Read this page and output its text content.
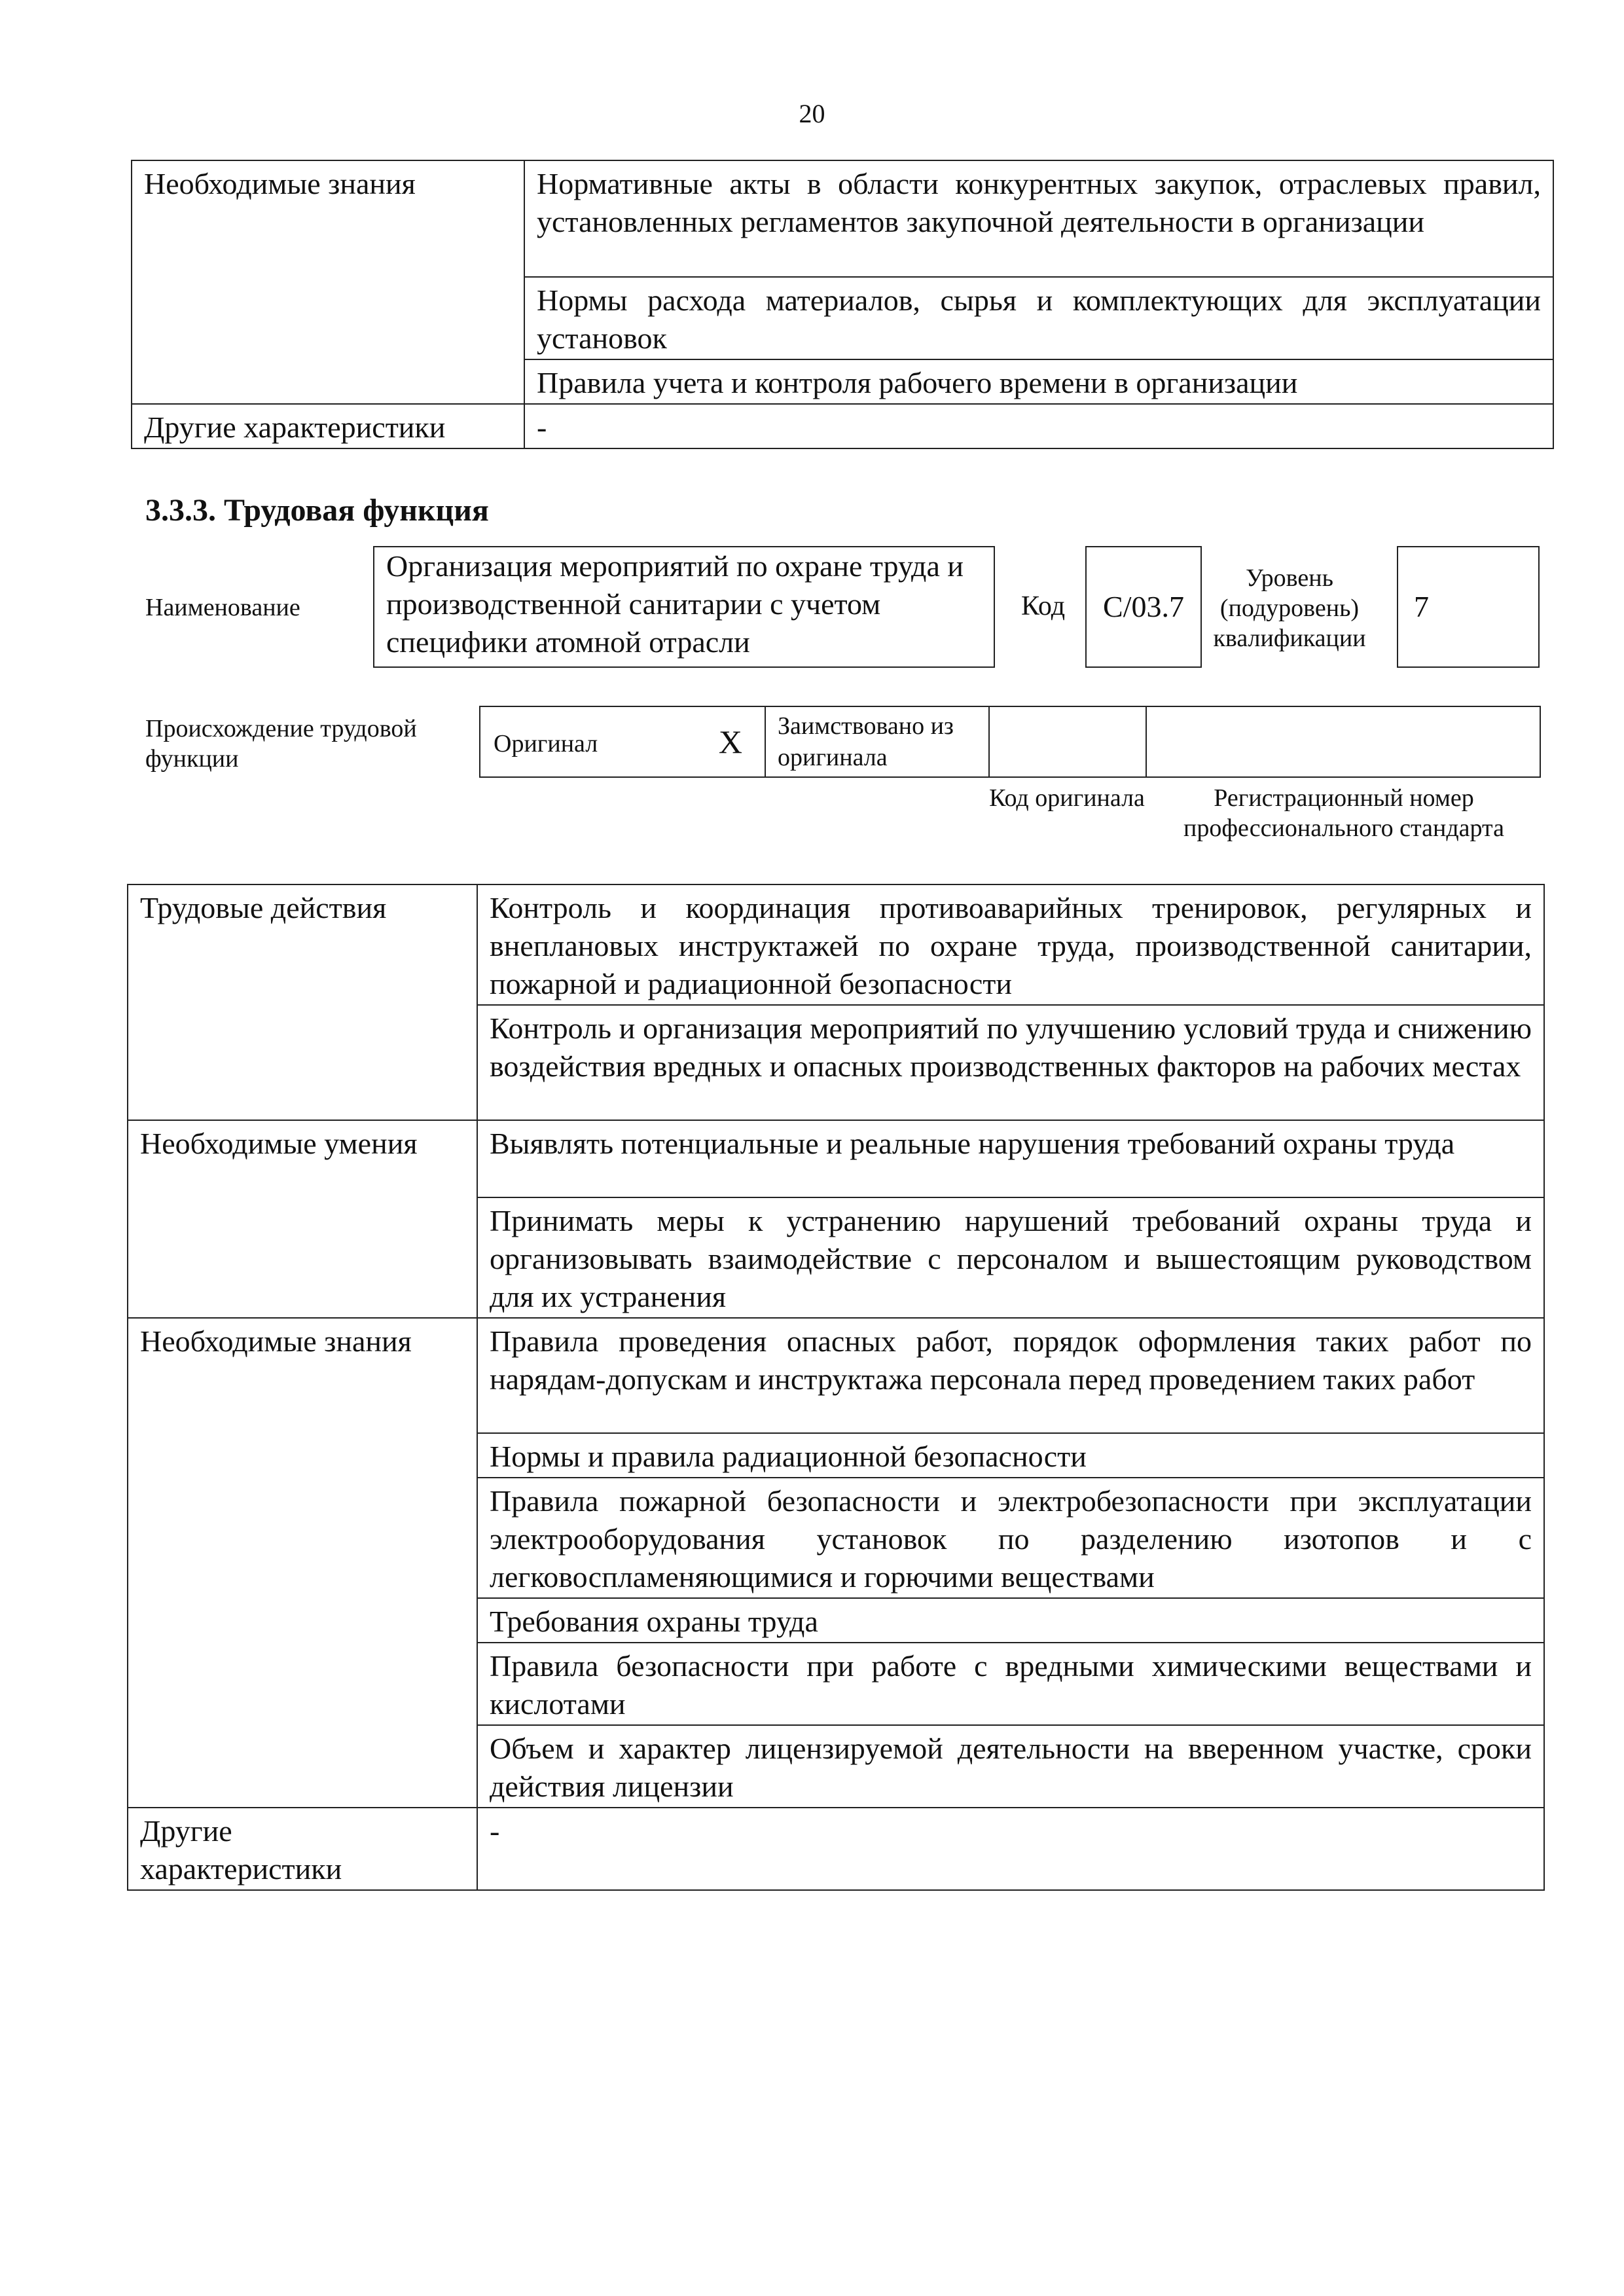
20
Необходимые знания	Нормативные акты в области конкурентных закупок, отраслевых правил, установленных регламентов закупочной деятельности в организации
	Нормы расхода материалов, сырья и комплектующих для эксплуатации установок
	Правила учета и контроля рабочего времени в организации
Другие характеристики	-
3.3.3. Трудовая функция
Наименование
Организация мероприятий по охране труда и производственной санитарии с учетом специфики атомной отрасли
Код	С/03.7
Уровень (подуровень) квалификации
7
Происхождение трудовой функции
Оригинал	X	Заимствовано из оригинала		
Код оригинала	Регистрационный номер профессионального стандарта
Трудовые действия	Контроль и координация противоаварийных тренировок, регулярных и внеплановых инструктажей по охране труда, производственной санитарии, пожарной и радиационной безопасности
	Контроль и организация мероприятий по улучшению условий труда и снижению воздействия вредных и опасных производственных факторов на рабочих местах
Необходимые умения	Выявлять потенциальные и реальные нарушения требований охраны труда
	Принимать меры к устранению нарушений требований охраны труда и организовывать взаимодействие с персоналом и вышестоящим руководством для их устранения
Необходимые знания	Правила проведения опасных работ, порядок оформления таких работ по нарядам-допускам и инструктажа персонала перед проведением таких работ
	Нормы и правила радиационной безопасности
	Правила пожарной безопасности и электробезопасности при эксплуатации электрооборудования установок по разделению изотопов и с легковоспламеняющимися и горючими веществами
	Требования охраны труда
	Правила безопасности при работе с вредными химическими веществами и кислотами
	Объем и характер лицензируемой деятельности на вверенном участке, сроки действия лицензии

Другие характеристики	-
